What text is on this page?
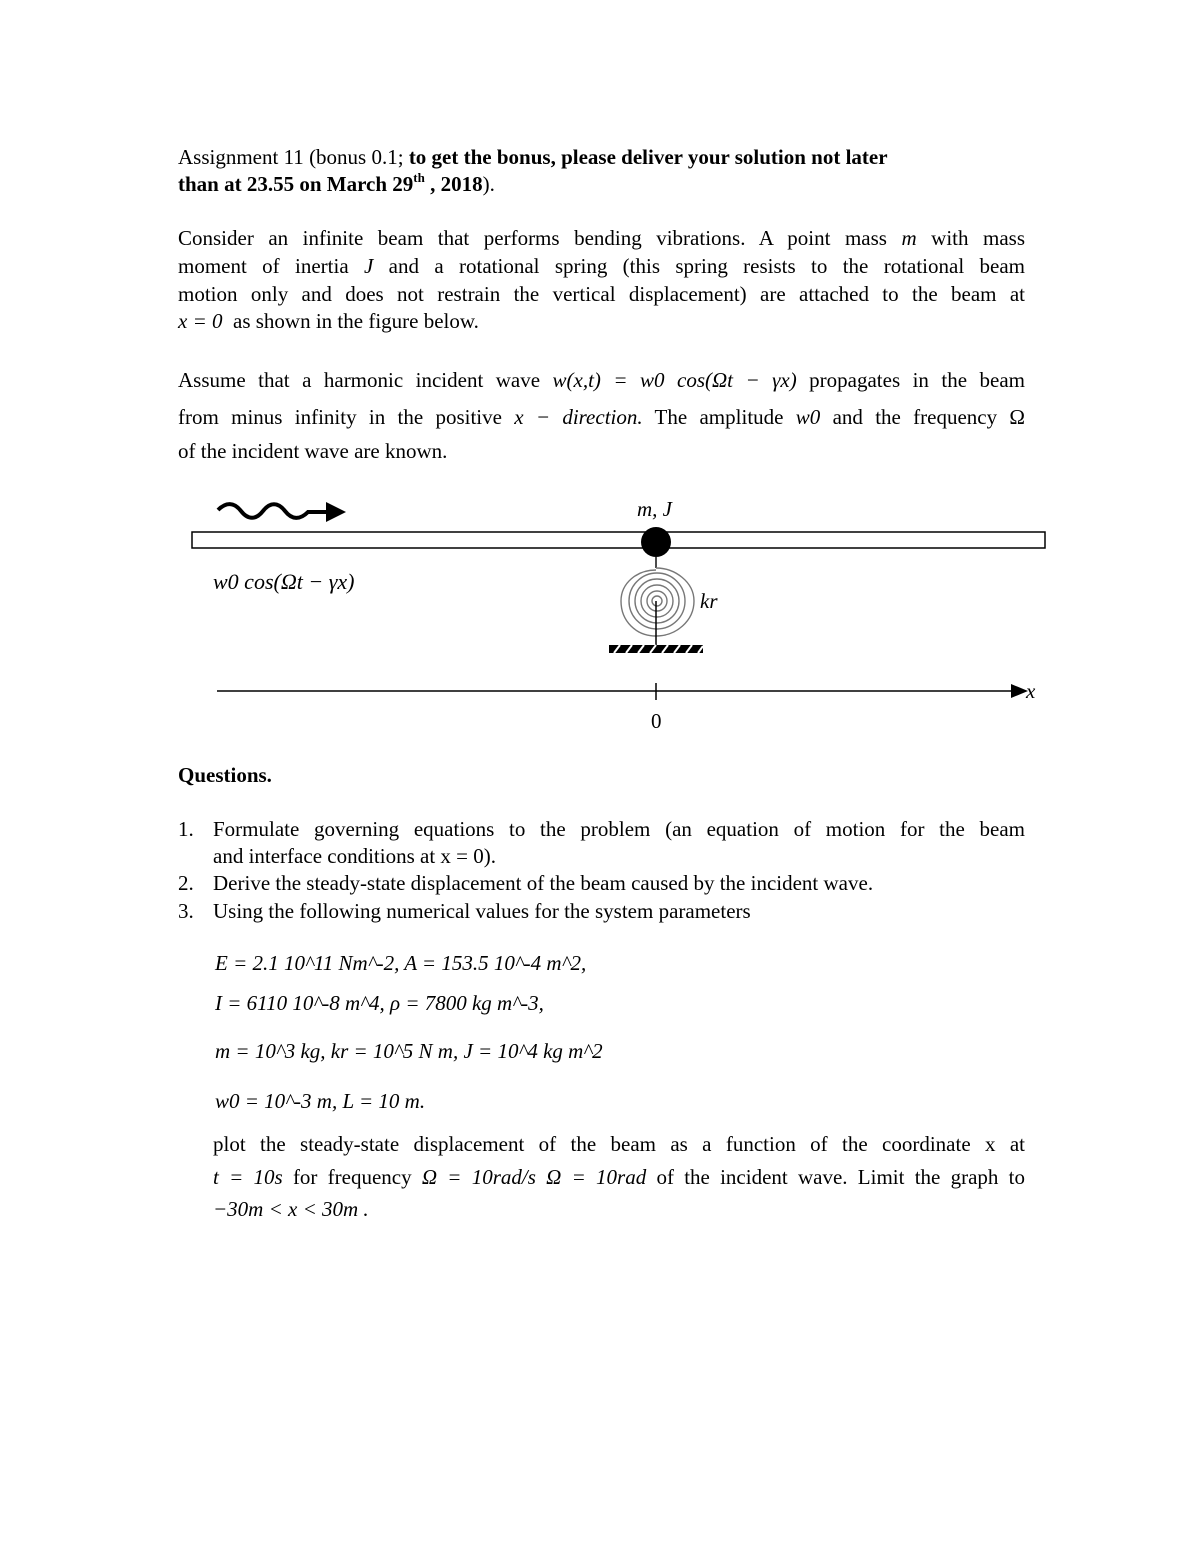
Assignment 11 (bonus 0.1; to get the bonus, please deliver your solution not later
than at 23.55 on March 29th , 2018).
Consider an infinite beam that performs bending vibrations. A point mass m with mass
moment of inertia J and a rotational spring (this spring resists to the rotational beam
motion only and does not restrain the vertical displacement) are attached to the beam at
x = 0 as shown in the figure below.
Assume that a harmonic incident wave w(x,t) = w0 cos(Ωt − γx) propagates in the beam
from minus infinity in the positive x − direction. The amplitude w0 and the frequency Ω
of the incident wave are known.
m, J
w0 cos(Ωt − γx)
kr
x
0
Questions.
1. Formulate governing equations to the problem (an equation of motion for the beam
and interface conditions at x = 0).
2. Derive the steady-state displacement of the beam caused by the incident wave.
3. Using the following numerical values for the system parameters
E = 2.1 10^11 Nm^-2, A = 153.5 10^-4 m^2,
I = 6110 10^-8 m^4, ρ = 7800 kg m^-3,
m = 10^3 kg, kr = 10^5 N m, J = 10^4 kg m^2
w0 = 10^-3 m, L = 10 m.
plot the steady-state displacement of the beam as a function of the coordinate x at
t = 10s for frequency Ω = 10rad/s Ω = 10rad of the incident wave. Limit the graph to
−30m < x < 30m .
